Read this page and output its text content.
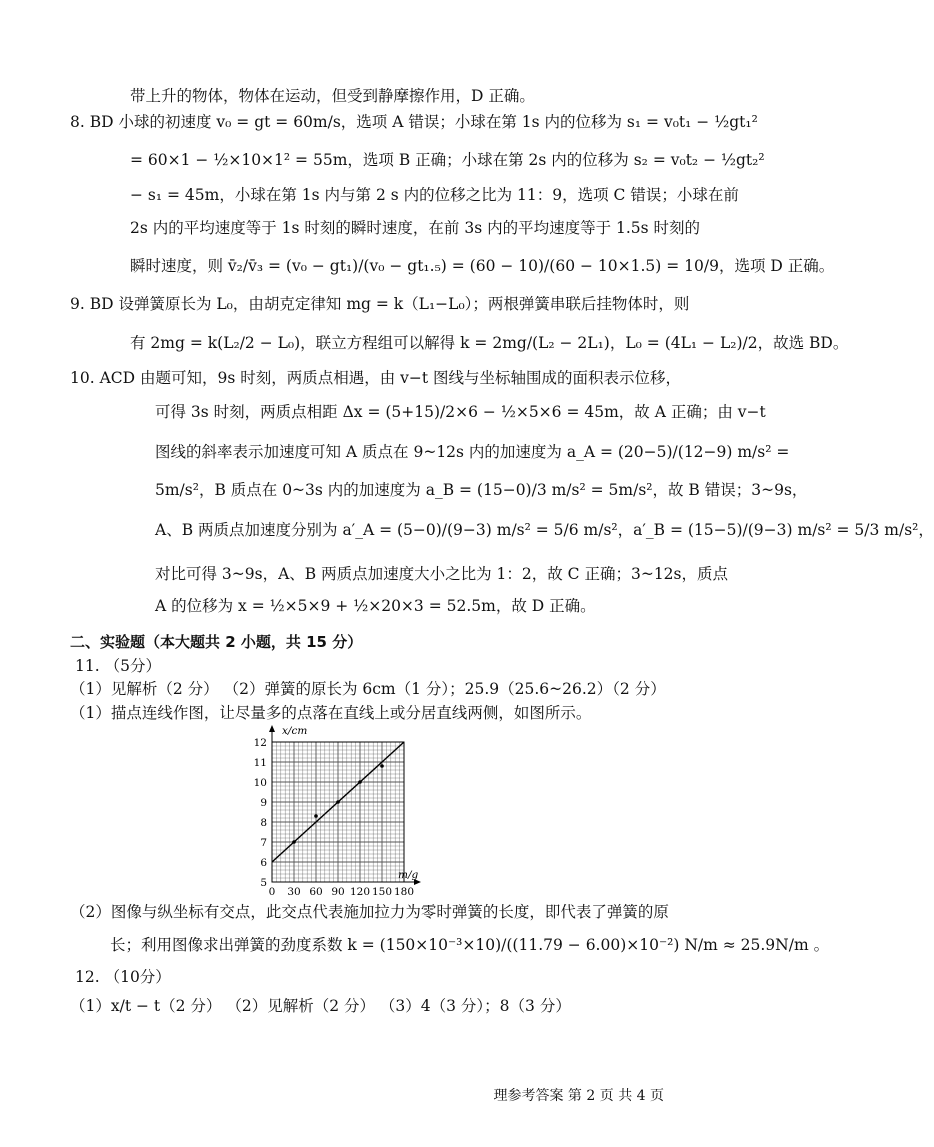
带上升的物体，物体在运动，但受到静摩擦作用，D 正确。
8. BD 小球的初速度 v₀ = gt = 60m/s，选项 A 错误；小球在第 1s 内的位移为 s₁ = v₀t₁ − ½gt₁²
= 60×1 − ½×10×1² = 55m，选项 B 正确；小球在第 2s 内的位移为 s₂ = v₀t₂ − ½gt₂²
− s₁ = 45m，小球在第 1s 内与第 2 s 内的位移之比为 11：9，选项 C 错误；小球在前
2s 内的平均速度等于 1s 时刻的瞬时速度，在前 3s 内的平均速度等于 1.5s 时刻的
瞬时速度，则 v̄₂/v̄₃ = (v₀ − gt₁)/(v₀ − gt₁.₅) = (60 − 10)/(60 − 10×1.5) = 10/9，选项 D 正确。
9. BD 设弹簧原长为 L₀，由胡克定律知 mg = k（L₁−L₀）；两根弹簧串联后挂物体时，则
有 2mg = k(L₂/2 − L₀)，联立方程组可以解得 k = 2mg/(L₂ − 2L₁)，L₀ = (4L₁ − L₂)/2，故选 BD。
10. ACD 由题可知，9s 时刻，两质点相遇，由 v−t 图线与坐标轴围成的面积表示位移，
可得 3s 时刻，两质点相距 Δx = (5+15)/2×6 − ½×5×6 = 45m，故 A 正确；由 v−t
图线的斜率表示加速度可知 A 质点在 9~12s 内的加速度为 a_A = (20−5)/(12−9) m/s² =
5m/s²，B 质点在 0~3s 内的加速度为 a_B = (15−0)/3 m/s² = 5m/s²，故 B 错误；3~9s，
A、B 两质点加速度分别为 a′_A = (5−0)/(9−3) m/s² = 5/6 m/s²，a′_B = (15−5)/(9−3) m/s² = 5/3 m/s²，
对比可得 3~9s，A、B 两质点加速度大小之比为 1：2，故 C 正确；3~12s，质点
A 的位移为 x = ½×5×9 + ½×20×3 = 52.5m，故 D 正确。
二、实验题（本大题共 2 小题，共 15 分）
11. （5分）
（1）见解析（2 分） （2）弹簧的原长为 6cm（1 分）；25.9（25.6~26.2）（2 分）
（1）描点连线作图，让尽量多的点落在直线上或分居直线两侧，如图所示。
0 30 60 90 120 150 180
5
6
7
8
9
10
11
12
x/cm
m/g
（2）图像与纵坐标有交点，此交点代表施加拉力为零时弹簧的长度，即代表了弹簧的原
长；利用图像求出弹簧的劲度系数 k = (150×10⁻³×10)/((11.79 − 6.00)×10⁻²) N/m ≈ 25.9N/m 。
12. （10分）
（1）x/t − t（2 分） （2）见解析（2 分） （3）4（3 分）；8（3 分）
理参考答案 第 2 页 共 4 页
